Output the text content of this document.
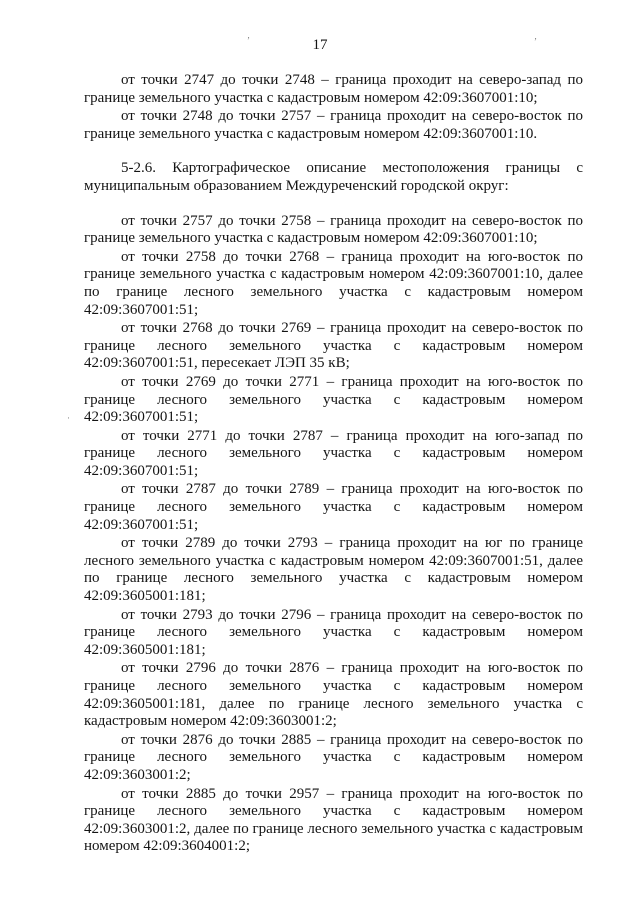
‚	‚
·
17

от точки 2747 до точки 2748 – граница проходит на северо-запад по границе земельного участка с кадастровым номером 42:09:3607001:10;

от точки 2748 до точки 2757 – граница проходит на северо-восток по границе земельного участка с кадастровым номером 42:09:3607001:10.

5-2.6. Картографическое описание местоположения границы с муниципальным образованием Междуреченский городской округ:

от точки 2757 до точки 2758 – граница проходит на северо-восток по границе земельного участка с кадастровым номером 42:09:3607001:10;

от точки 2758 до точки 2768 – граница проходит на юго-восток по границе земельного участка с кадастровым номером 42:09:3607001:10, далее по границе лесного земельного участка с кадастровым номером 42:09:3607001:51;

от точки 2768 до точки 2769 – граница проходит на северо-восток по границе лесного земельного участка с кадастровым номером 42:09:3607001:51, пересекает ЛЭП 35 кВ;

от точки 2769 до точки 2771 – граница проходит на юго-восток по границе лесного земельного участка с кадастровым номером 42:09:3607001:51;

от точки 2771 до точки 2787 – граница проходит на юго-запад по границе лесного земельного участка с кадастровым номером 42:09:3607001:51;

от точки 2787 до точки 2789 – граница проходит на юго-восток по границе лесного земельного участка с кадастровым номером 42:09:3607001:51;

от точки 2789 до точки 2793 – граница проходит на юг по границе лесного земельного участка с кадастровым номером 42:09:3607001:51, далее по границе лесного земельного участка с кадастровым номером 42:09:3605001:181;

от точки 2793 до точки 2796 – граница проходит на северо-восток по границе лесного земельного участка с кадастровым номером 42:09:3605001:181;

от точки 2796 до точки 2876 – граница проходит на юго-восток по границе лесного земельного участка с кадастровым номером 42:09:3605001:181, далее по границе лесного земельного участка с кадастровым номером 42:09:3603001:2;

от точки 2876 до точки 2885 – граница проходит на северо-восток по границе лесного земельного участка с кадастровым номером 42:09:3603001:2;

от точки 2885 до точки 2957 – граница проходит на юго-восток по границе лесного земельного участка с кадастровым номером 42:09:3603001:2, далее по границе лесного земельного участка с кадастровым номером 42:09:3604001:2;
